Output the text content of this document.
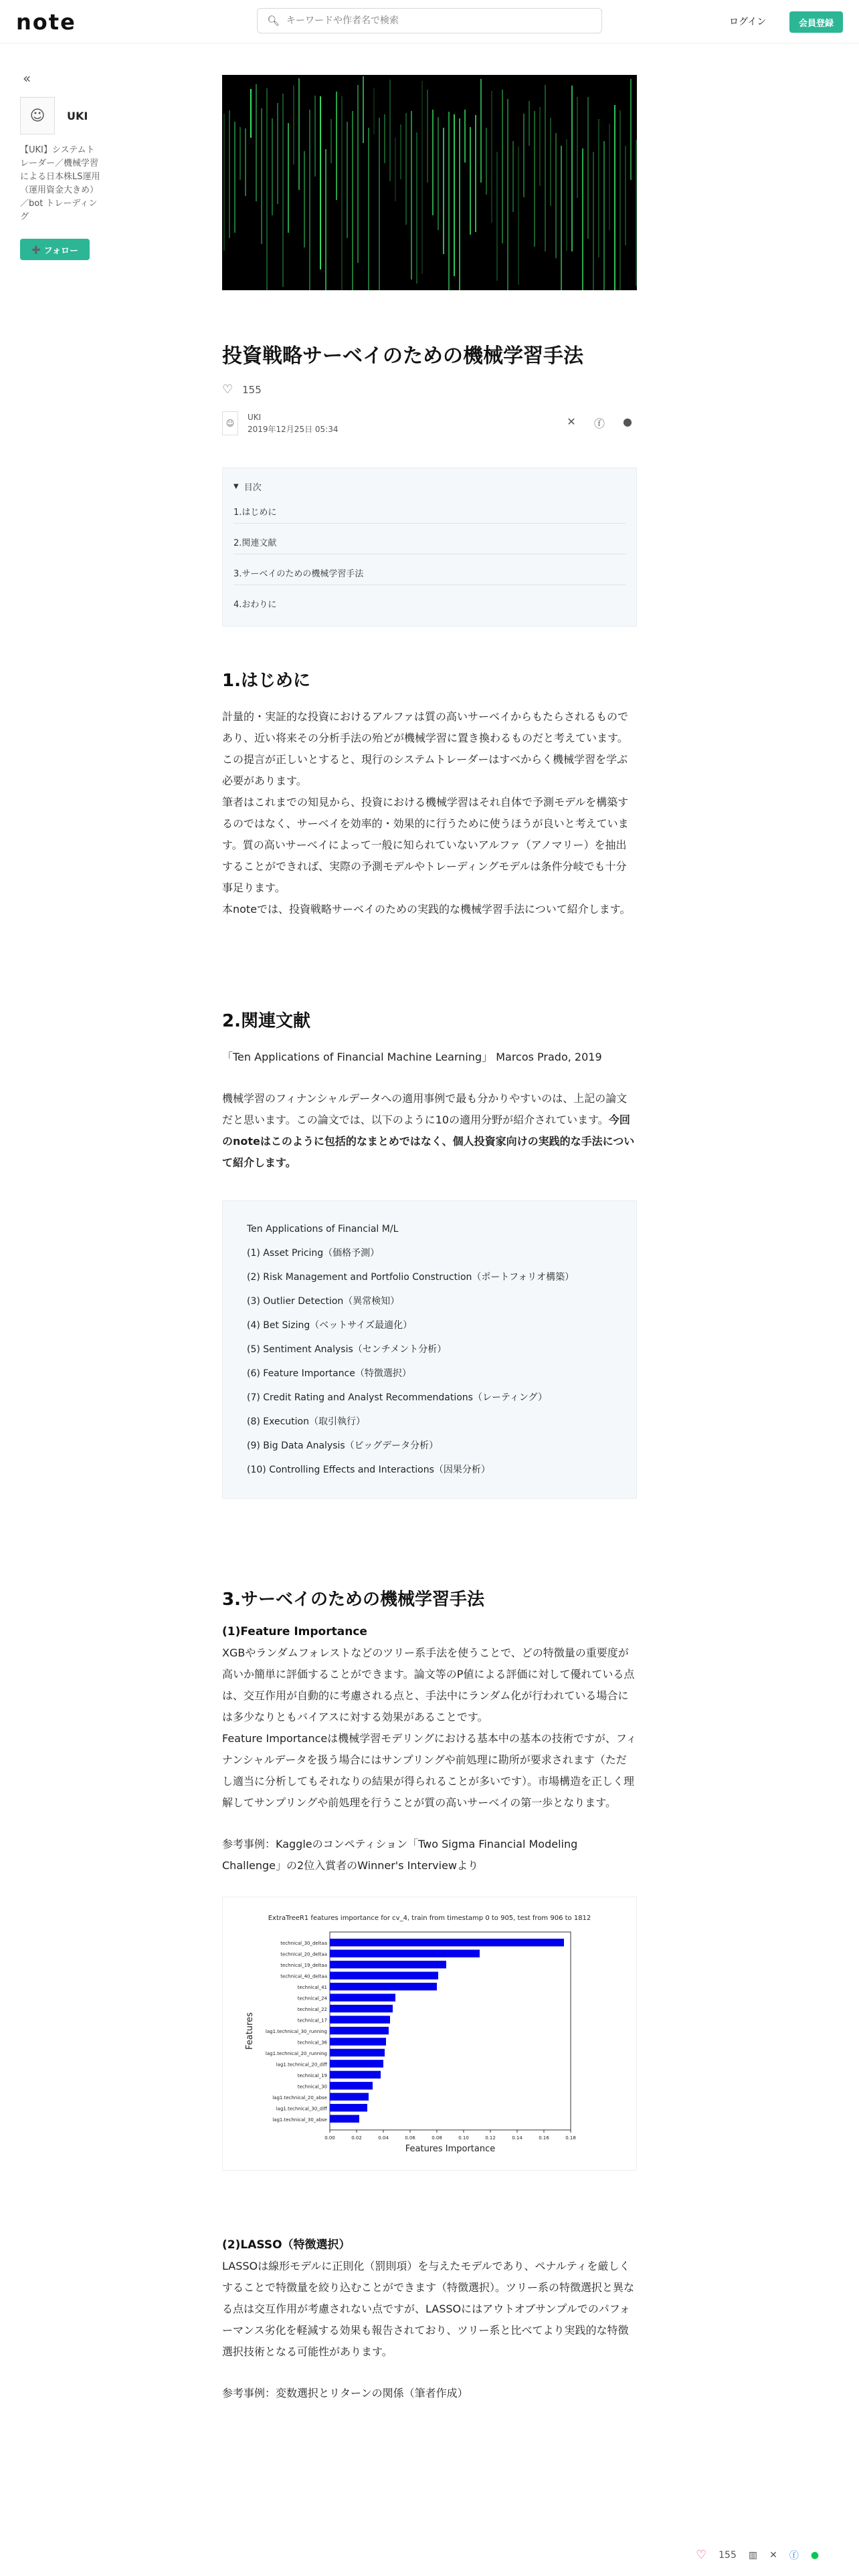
note	🔍︎
キーワードや作者名で検索	ログイン	会員登録
«
☺	UKI
【UKI】システムトレーダー／機械学習による日本株LS運用（運用資金大きめ）／bot トレーディング
➕ フォロー
投資戦略サーベイのための機械学習手法
♡ 155
☺
UKI
2019年12月25日 05:34
✕ ⓕ ●
▼ 目次
1.はじめに
2.関連文献
3.サーベイのための機械学習手法
4.おわりに
1.はじめに

計量的・実証的な投資におけるアルファは質の高いサーベイからもたらされるものであり、近い将来その分析手法の殆どが機械学習に置き換わるものだと考えています。この提言が正しいとすると、現行のシステムトレーダーはすべからく機械学習を学ぶ必要があります。

筆者はこれまでの知見から、投資における機械学習はそれ自体で予測モデルを構築するのではなく、サーベイを効率的・効果的に行うために使うほうが良いと考えています。質の高いサーベイによって一般に知られていないアルファ（アノマリー）を抽出することができれば、実際の予測モデルやトレーディングモデルは条件分岐でも十分事足ります。

本noteでは、投資戦略サーベイのための実践的な機械学習手法について紹介します。

2.関連文献

「Ten Applications of Financial Machine Learning」 Marcos Prado, 2019

機械学習のフィナンシャルデータへの適用事例で最も分かりやすいのは、上記の論文だと思います。この論文では、以下のように10の適用分野が紹介されています。今回のnoteはこのように包括的なまとめではなく、個人投資家向けの実践的な手法について紹介します。

Ten Applications of Financial M/L
(1) Asset Pricing（価格予測）
(2) Risk Management and Portfolio Construction（ポートフォリオ構築）
(3) Outlier Detection（異常検知）
(4) Bet Sizing（ベットサイズ最適化）
(5) Sentiment Analysis（センチメント分析）
(6) Feature Importance（特徴選択）
(7) Credit Rating and Analyst Recommendations（レーティング）
(8) Execution（取引執行）
(9) Big Data Analysis（ビッグデータ分析）
(10) Controlling Effects and Interactions（因果分析）
3.サーベイのための機械学習手法
(1)Feature Importance

XGBやランダムフォレストなどのツリー系手法を使うことで、どの特徴量の重要度が高いか簡単に評価することができます。論文等のP値による評価に対して優れている点は、交互作用が自動的に考慮される点と、手法中にランダム化が行われている場合には多少なりともバイアスに対する効果があることです。

Feature Importanceは機械学習モデリングにおける基本中の基本の技術ですが、フィナンシャルデータを扱う場合にはサンプリングや前処理に勘所が要求されます（ただし適当に分析してもそれなりの結果が得られることが多いです）。市場構造を正しく理解してサンプリングや前処理を行うことが質の高いサーベイの第一歩となります。

参考事例：Kaggleのコンペティション「Two Sigma Financial Modeling Challenge」の2位入賞者のWinner's Interviewより

ExtraTreeR1 features importance for cv_4, train from timestamp 0 to 905, test from 906 to 1812
technical_30_deltaa
technical_20_deltaa
technical_19_deltaa
technical_40_deltaa
technical_41
technical_24
technical_22
technical_17
lag1.technical_30_running
technical_36
lag1.technical_20_running
lag1.technical_20_diff
technical_19
technical_30
lag1.technical_20_abse
lag1.technical_30_diff
lag1.technical_30_abse
0.00	0.02	0.04	0.06	0.08	0.10	0.12	0.14	0.16	0.18
Features Importance
Features
(2)LASSO（特徴選択）

LASSOは線形モデルに正則化（罰則項）を与えたモデルであり、ペナルティを厳しくすることで特徴量を絞り込むことができます（特徴選択）。ツリー系の特徴選択と異なる点は交互作用が考慮されない点ですが、LASSOにはアウトオブサンプルでのパフォーマンス劣化を軽減する効果も報告されており、ツリー系と比べてより実践的な特徴選択技術となる可能性があります。

参考事例：変数選択とリターンの関係（筆者作成）

♡ 155 ▥ ✕ ⓕ ●
